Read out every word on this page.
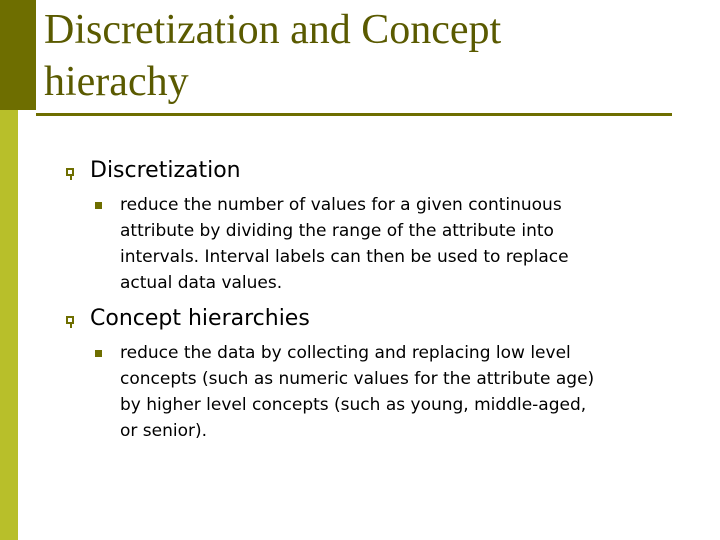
Discretization and Concept
hierachy

Discretization

reduce the number of values for a given continuous
attribute by dividing the range of the attribute into
intervals. Interval labels can then be used to replace
actual data values.

Concept hierarchies

reduce the data by collecting and replacing low level
concepts (such as numeric values for the attribute age)
by higher level concepts (such as young, middle-aged,
or senior).
